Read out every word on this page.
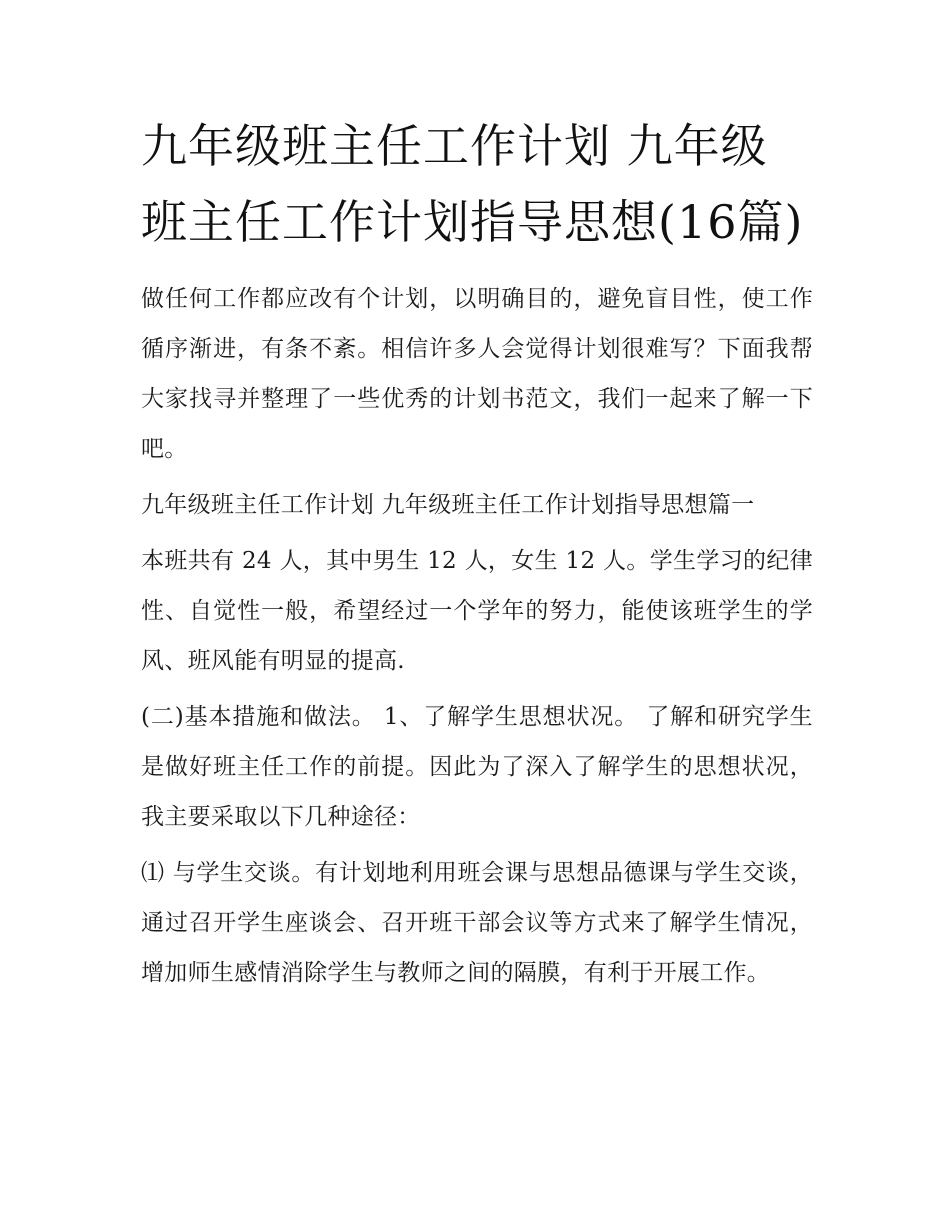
九年级班主任工作计划 九年级班主任工作计划指导思想(16篇)

做任何工作都应改有个计划，以明确目的，避免盲目性，使工作循序渐进，有条不紊。相信许多人会觉得计划很难写？下面我帮大家找寻并整理了一些优秀的计划书范文，我们一起来了解一下吧。

九年级班主任工作计划 九年级班主任工作计划指导思想篇一

本班共有 24 人，其中男生 12 人，女生 12 人。学生学习的纪律性、自觉性一般，希望经过一个学年的努力，能使该班学生的学风、班风能有明显的提高.

(二)基本措施和做法。 1、了解学生思想状况。 了解和研究学生是做好班主任工作的前提。因此为了深入了解学生的思想状况，我主要采取以下几种途径：

⑴ 与学生交谈。有计划地利用班会课与思想品德课与学生交谈，通过召开学生座谈会、召开班干部会议等方式来了解学生情况，增加师生感情消除学生与教师之间的隔膜，有利于开展工作。
